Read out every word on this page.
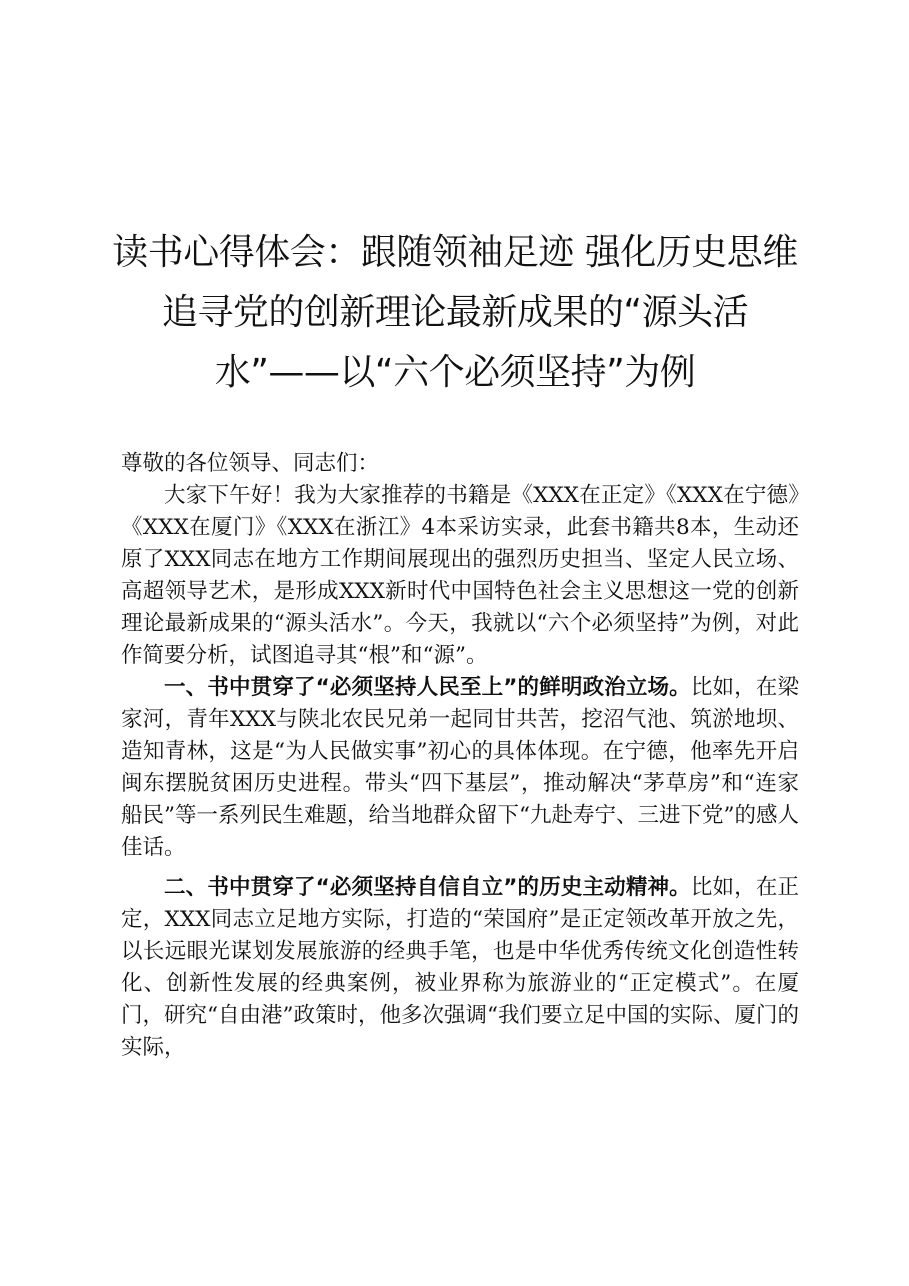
读书心得体会：跟随领袖足迹 强化历史思维 追寻党的创新理论最新成果的“源头活水”——以“六个必须坚持”为例

尊敬的各位领导、同志们：

大家下午好！我为大家推荐的书籍是《XXX在正定》《XXX在宁德》《XXX在厦门》《XXX在浙江》4本采访实录，此套书籍共8本，生动还原了XXX同志在地方工作期间展现出的强烈历史担当、坚定人民立场、高超领导艺术，是形成XXX新时代中国特色社会主义思想这一党的创新理论最新成果的“源头活水”。今天，我就以“六个必须坚持”为例，对此作简要分析，试图追寻其“根”和“源”。

一、书中贯穿了“必须坚持人民至上”的鲜明政治立场。比如，在梁家河，青年XXX与陕北农民兄弟一起同甘共苦，挖沼气池、筑淤地坝、造知青林，这是“为人民做实事”初心的具体体现。在宁德，他率先开启闽东摆脱贫困历史进程。带头“四下基层”，推动解决“茅草房”和“连家船民”等一系列民生难题，给当地群众留下“九赴寿宁、三进下党”的感人佳话。

二、书中贯穿了“必须坚持自信自立”的历史主动精神。比如，在正定，XXX同志立足地方实际，打造的“荣国府”是正定领改革开放之先，以长远眼光谋划发展旅游的经典手笔，也是中华优秀传统文化创造性转化、创新性发展的经典案例，被业界称为旅游业的“正定模式”。在厦门，研究“自由港”政策时，他多次强调“我们要立足中国的实际、厦门的实际，
